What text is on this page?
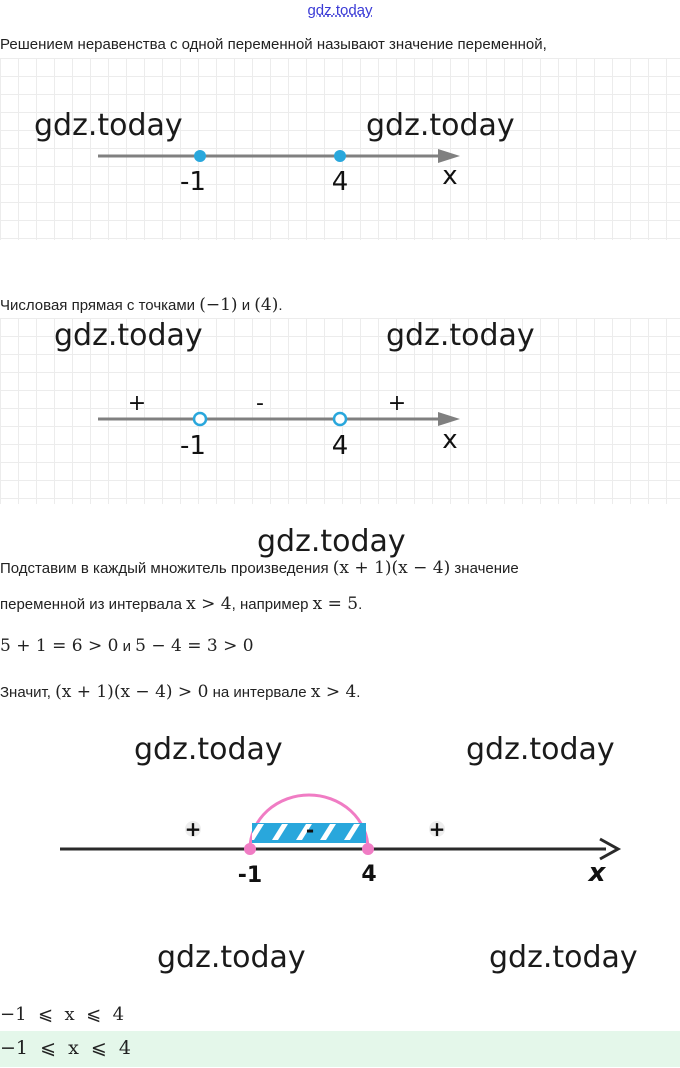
gdz.today
Решением неравенства с одной переменной называют значение переменной,
gdz.today	gdz.today
-1	4	x
Числовая прямая с точками (−1) и (4).
gdz.today	gdz.today
+	-	+
-1	4	x
gdz.today
Подставим в каждый множитель произведения (x + 1)(x − 4) значение
переменной из интервала x > 4, например x = 5.
5 + 1 = 6 > 0 и 5 − 4 = 3 > 0
Значит, (x + 1)(x − 4) > 0 на интервале x > 4.
gdz.today	gdz.today
+	-	+
-1	4	x
gdz.today	gdz.today
−1  ⩽  x  ⩽  4
−1  ⩽  x  ⩽  4
